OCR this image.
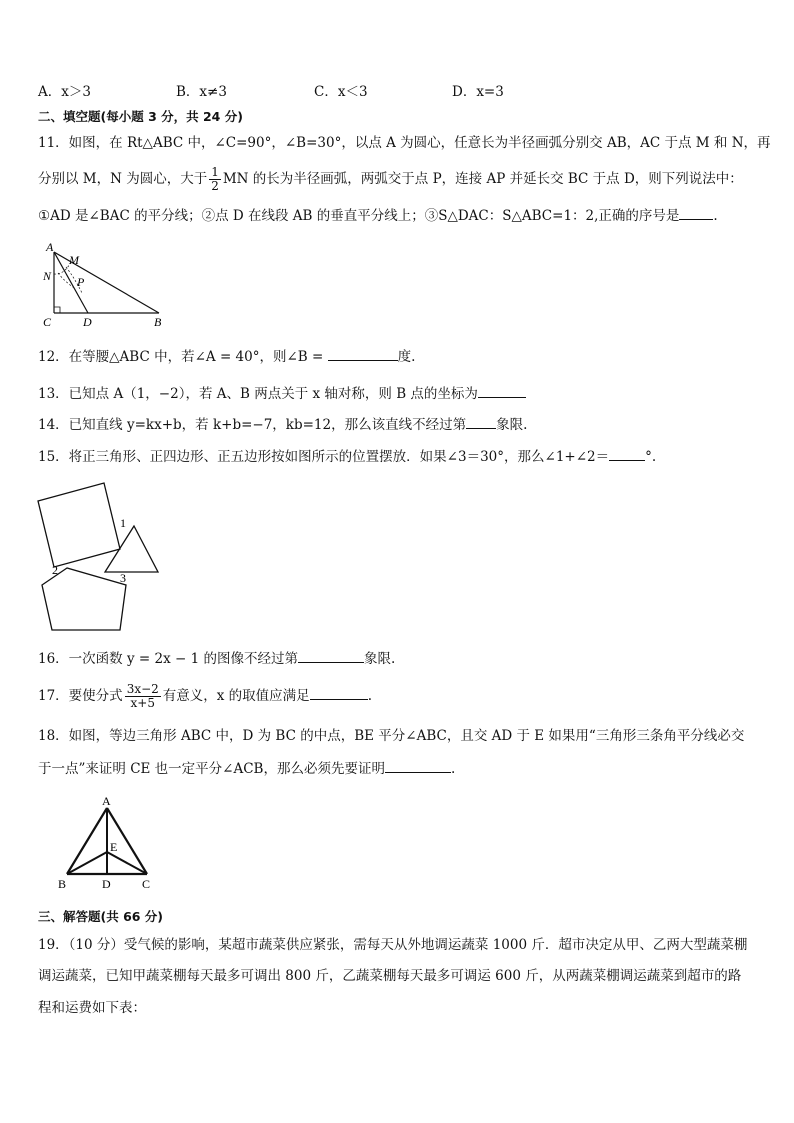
A．x＞3	B．x≠3	C．x＜3	D．x=3
二、填空题(每小题 3 分，共 24 分)
11．如图，在 Rt△ABC 中，∠C=90°，∠B=30°，以点 A 为圆心，任意长为半径画弧分别交 AB，AC 于点 M 和 N，再
分别以 M，N 为圆心，大于 $\frac{1}{2}$ MN 的长为半径画弧，两弧交于点 P，连接 AP 并延长交 BC 于点 D，则下列说法中：
①AD 是∠BAC 的平分线；②点 D 在线段 AB 的垂直平分线上；③S△DAC：S△ABC=1：2,正确的序号是	.
A
M
N P
C	D	B
12．在等腰△ABC 中，若∠A = 40°，则∠B =	度.
13．已知点 A（1，−2），若 A、B 两点关于 x 轴对称，则 B 点的坐标为
14．已知直线 y=kx+b，若 k+b=−7，kb=12，那么该直线不经过第 象限.
15．将正三角形、正四边形、正五边形按如图所示的位置摆放．如果∠3＝30°，那么∠1+∠2＝	°.
1
2
3
16．一次函数 y = 2x − 1 的图像不经过第	象限.
17．要使分式 $\frac{3x-2}{x+5}$ 有意义，x 的取值应满足	.
18．如图，等边三角形 ABC 中，D 为 BC 的中点，BE 平分∠ABC，且交 AD 于 E 如果用“三角形三条角平分线必交
于一点”来证明 CE 也一定平分∠ACB，那么必须先要证明	.
A
E
B	D	C
三、解答题(共 66 分)
19．（10 分）受气候的影响，某超市蔬菜供应紧张，需每天从外地调运蔬菜 1000 斤．超市决定从甲、乙两大型蔬菜棚
调运蔬菜，已知甲蔬菜棚每天最多可调出 800 斤，乙蔬菜棚每天最多可调运 600 斤，从两蔬菜棚调运蔬菜到超市的路
程和运费如下表：
